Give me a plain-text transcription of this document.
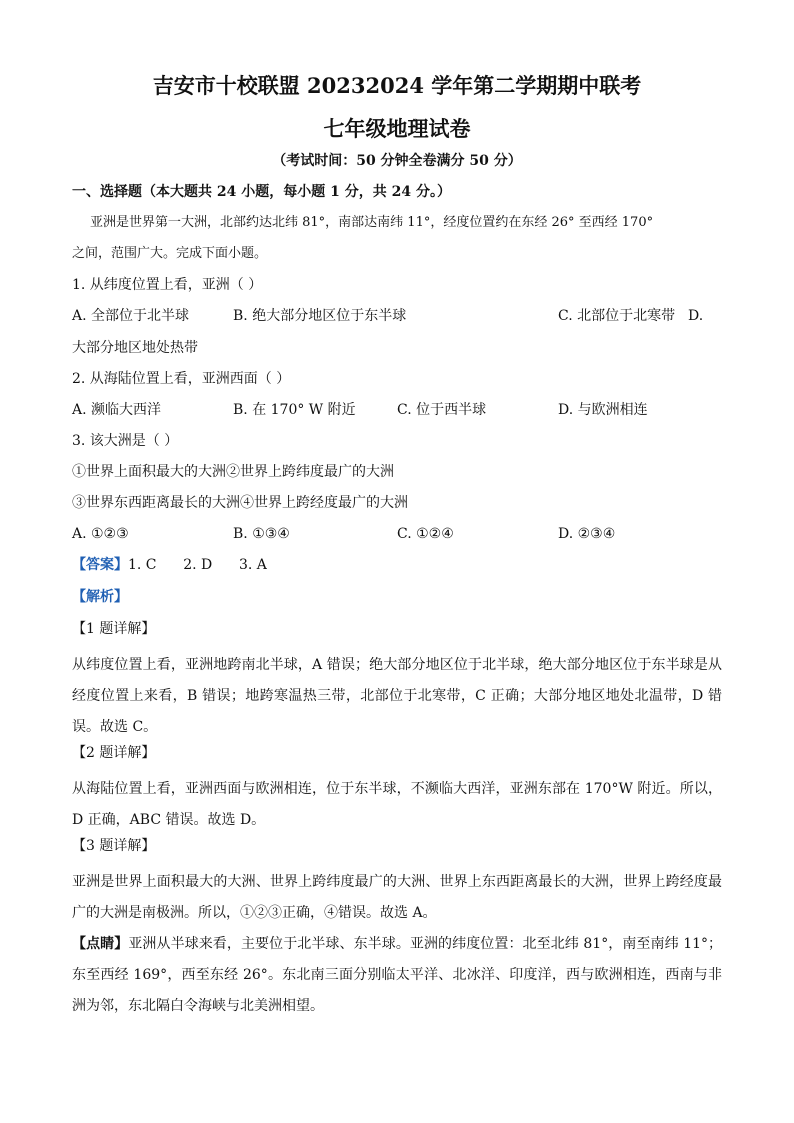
吉安市十校联盟 20232024 学年第二学期期中联考
七年级地理试卷
（考试时间：50 分钟全卷满分 50 分）
一、选择题（本大题共 24 小题，每小题 1 分，共 24 分。）
亚洲是世界第一大洲，北部约达北纬 81°，南部达南纬 11°，经度位置约在东经 26° 至西经 170°
之间，范围广大。完成下面小题。
1. 从纬度位置上看，亚洲（ ）
A. 全部位于北半球	B. 绝大部分地区位于东半球	C. 北部位于北寒带 D.
大部分地区地处热带
2. 从海陆位置上看，亚洲西面（ ）
A. 濒临大西洋	B. 在 170° W 附近	C. 位于西半球	D. 与欧洲相连
3. 该大洲是（ ）
①世界上面积最大的大洲②世界上跨纬度最广的大洲
③世界东西距离最长的大洲④世界上跨经度最广的大洲
A. ①②③	B. ①③④	C. ①②④	D. ②③④
【答案】1. C      2. D      3. A
【解析】
【1 题详解】
从纬度位置上看，亚洲地跨南北半球，A 错误；绝大部分地区位于北半球，绝大部分地区位于东半球是从经度位置上来看，B 错误；地跨寒温热三带，北部位于北寒带，C 正确；大部分地区地处北温带，D 错误。故选 C。
【2 题详解】
从海陆位置上看，亚洲西面与欧洲相连，位于东半球，不濒临大西洋，亚洲东部在 170°W 附近。所以，D 正确，ABC 错误。故选 D。
【3 题详解】
亚洲是世界上面积最大的大洲、世界上跨纬度最广的大洲、世界上东西距离最长的大洲，世界上跨经度最广的大洲是南极洲。所以，①②③正确，④错误。故选 A。
【点睛】亚洲从半球来看，主要位于北半球、东半球。亚洲的纬度位置：北至北纬 81°，南至南纬 11°；东至西经 169°，西至东经 26°。东北南三面分别临太平洋、北冰洋、印度洋，西与欧洲相连，西南与非洲为邻，东北隔白令海峡与北美洲相望。
